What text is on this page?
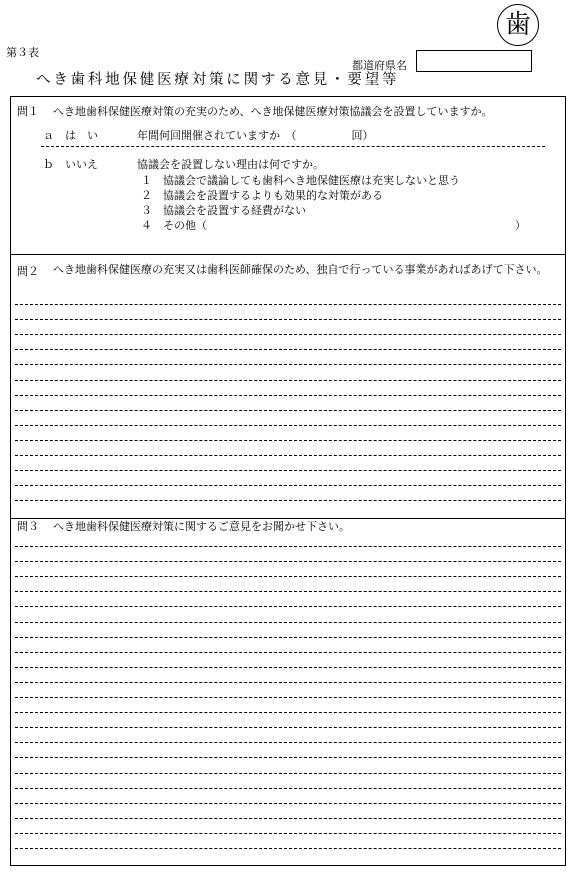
歯
第３表
都道府県名
へき歯科地保健医療対策に関する意見・要望等
問１ へき地歯科保健医療対策の充実のため、へき地保健医療対策協議会を設置していますか。
ａ　は　い	年間何回開催されていますか　（　　　　　回）
ｂ　いいえ	協議会を設置しない理由は何ですか。
１　協議会で議論しても歯科へき地保健医療は充実しないと思う
２　協議会を設置するよりも効果的な対策がある
３　協議会を設置する経費がない
４　その他（　　　　　　　　　　　　　　　　　　　　　　　　　　　　）
問２ へき地歯科保健医療の充実又は歯科医師確保のため、独自で行っている事業があればあげて下さい。
問３ へき地歯科保健医療対策に関するご意見をお聞かせ下さい。
